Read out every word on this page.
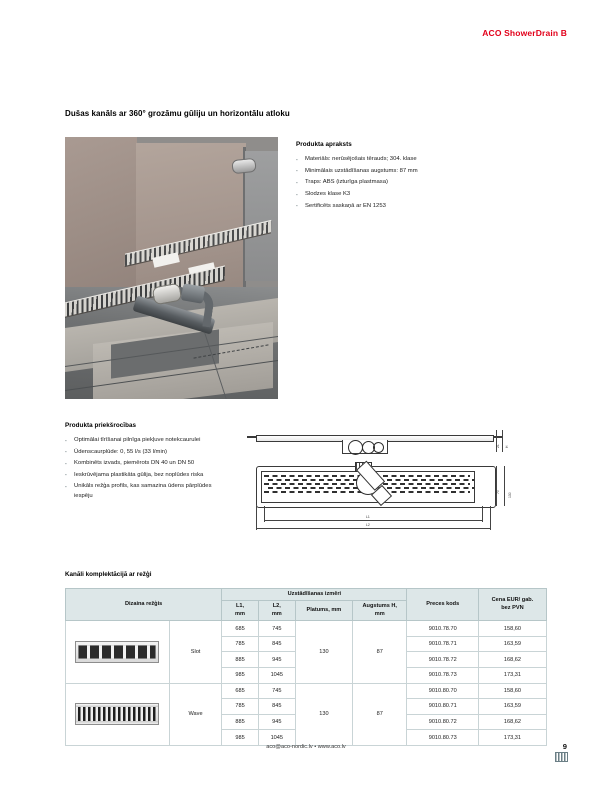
ACO ShowerDrain B
Dušas kanāls ar 360° grozāmu gūliju un horizontālu atloku
Produkta apraksts
▪ Materiāls: nerūsējošais tērauds; 304. klase
▪ Minimālais uzstādīšanas augstums: 87 mm
▪ Traps: ABS (izturīga plastmasa)
▪ Slodzes klase K3
▪ Sertificēts saskaņā ar EN 1253
Produkta priekšrocības
▪ Optimālai tīrīšanai pilnīga piekļuve notekcaurulei
▪ Ūdenscaurplūde: 0, 55 l/s (33 l/min)
▪ Kombinēts izvads, piemērots DN 40 un DN 50
▪ Ieskrūvējama plastikāta gūlija, bez noplūdes riska
▪ Unikāls režģa profils, kas samazina ūdens pārplūdes iespēju
21 H
70
130
L1
L2
Kanāli komplektācijā ar režģi
Dizaina režģis		Uzstādīšanas izmēri				Preces kods	Cena EUR/ gab.
bez PVN
		L1,
mm	L2,
mm	Platums, mm	Augstums H,
mm		

	Slot	685	745	130	87	9010.78.70	158,60
		785	845			9010.78.71	163,59
		885	945			9010.78.72	168,62
		985	1045			9010.78.73	173,31

	Wave	685	745	130	87	9010.80.70	158,60
		785	845			9010.80.71	163,59
		885	945			9010.80.72	168,62
		985	1045			9010.80.73	173,31
aco@aco-nordic.lv • www.aco.lv	9
